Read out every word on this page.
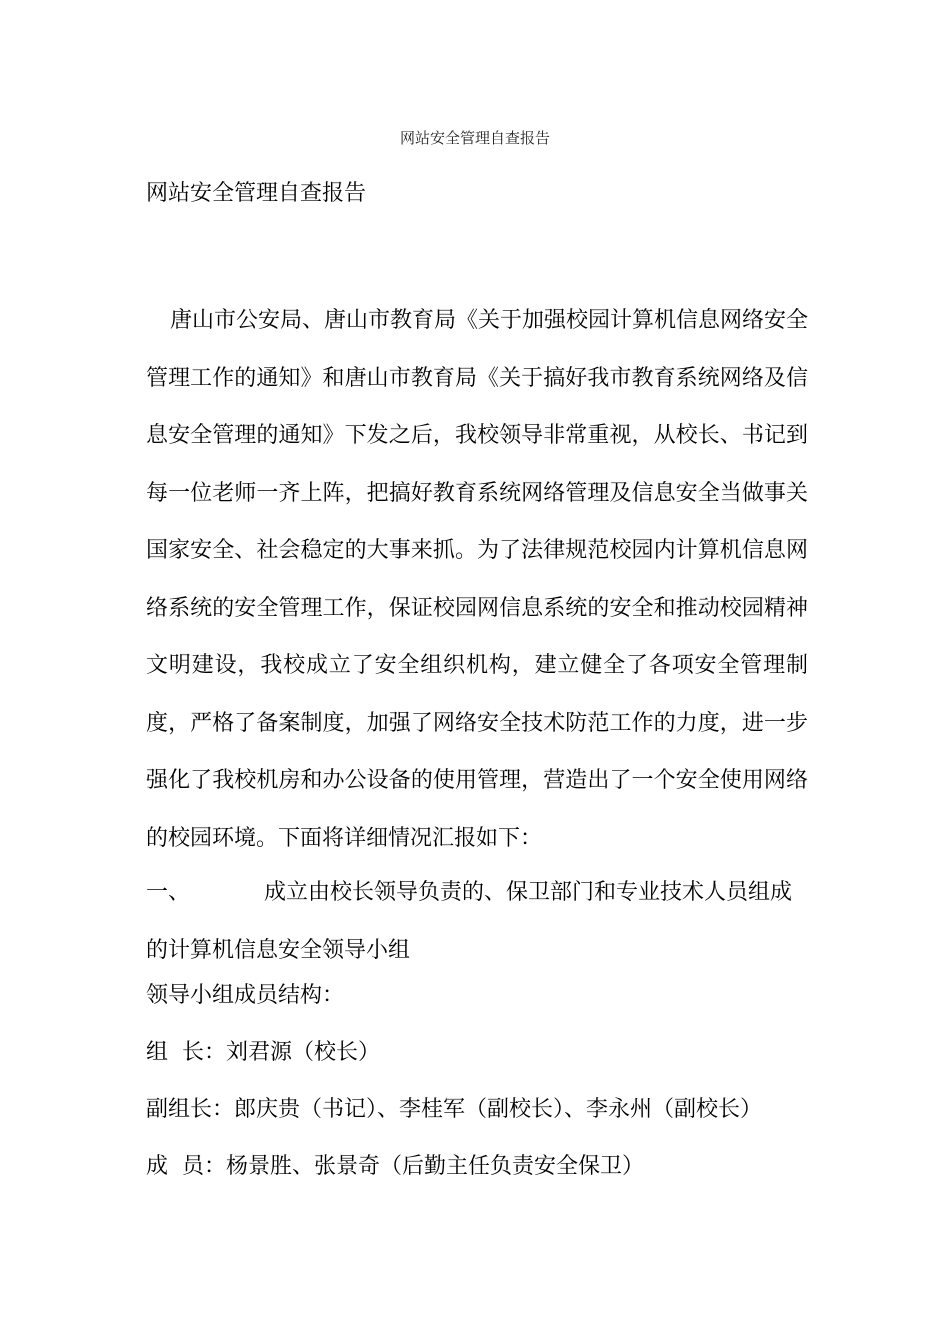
网站安全管理自查报告
网站安全管理自查报告

唐山市公安局、唐山市教育局《关于加强校园计算机信息网络安全管理工作的通知》和唐山市教育局《关于搞好我市教育系统网络及信息安全管理的通知》下发之后，我校领导非常重视，从校长、书记到每一位老师一齐上阵，把搞好教育系统网络管理及信息安全当做事关国家安全、社会稳定的大事来抓。为了法律规范校园内计算机信息网络系统的安全管理工作，保证校园网信息系统的安全和推动校园精神文明建设，我校成立了安全组织机构，建立健全了各项安全管理制度，严格了备案制度，加强了网络安全技术防范工作的力度，进一步强化了我校机房和办公设备的使用管理，营造出了一个安全使用网络的校园环境。下面将详细情况汇报如下：

一、	成立由校长领导负责的、保卫部门和专业技术人员组成
的计算机信息安全领导小组

领导小组成员结构：

组  长：刘君源（校长）

副组长：郎庆贵（书记）、李桂军（副校长）、李永州（副校长）

成  员：杨景胜、张景奇（后勤主任负责安全保卫）
